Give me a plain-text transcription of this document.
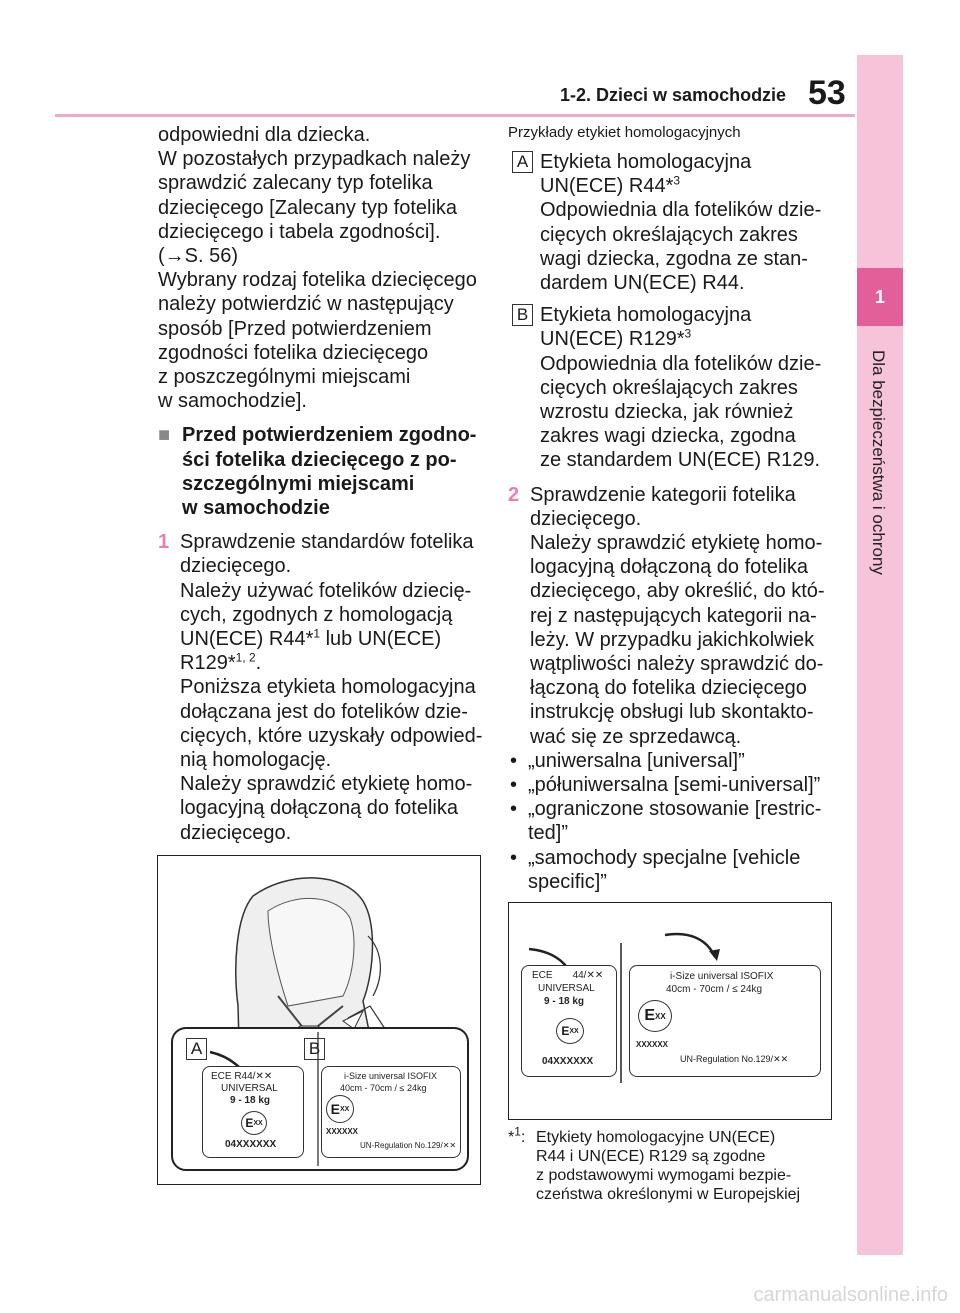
1-2. Dzieci w samochodzie 53
1
Dla bezpieczeństwa i ochrony

odpowiedni dla dziecka.

W pozostałych przypadkach należy

sprawdzić zalecany typ fotelika

dziecięcego [Zalecany typ fotelika

dziecięcego i tabela zgodności].

(→S. 56)

Wybrany rodzaj fotelika dziecięcego

należy potwierdzić w następujący

sposób [Przed potwierdzeniem

zgodności fotelika dziecięcego

z poszczególnymi miejscami

w samochodzie].

■ Przed potwierdzeniem zgodno-

ści fotelika dziecięcego z po-

szczególnymi miejscami

w samochodzie

1 Sprawdzenie standardów fotelika

dziecięcego.

Należy używać fotelików dziecię-

cych, zgodnych z homologacją

UN(ECE) R44*$^1$ lub UN(ECE)

R129*$^{1, 2}$.

Poniższa etykieta homologacyjna

dołączana jest do fotelików dzie-

cięcych, które uzyskały odpowied-

nią homologację.

Należy sprawdzić etykietę homo-

logacyjną dołączoną do fotelika

dziecięcego.

A	B
ECE R44/✕✕
UNIVERSAL
9 - 18 kg
E XX
04XXXXXX
i-Size universal ISOFIX
40cm - 70cm / ≤ 24kg
E XX
XXXXXX
UN-Regulation No.129/✕✕

Przykłady etykiet homologacyjnych

A Etykieta homologacyjna

UN(ECE) R44*$^3$

Odpowiednia dla fotelików dzie-

cięcych określających zakres

wagi dziecka, zgodna ze stan-

dardem UN(ECE) R44.

B Etykieta homologacyjna

UN(ECE) R129*$^3$

Odpowiednia dla fotelików dzie-

cięcych określających zakres

wzrostu dziecka, jak również

zakres wagi dziecka, zgodna

ze standardem UN(ECE) R129.

2 Sprawdzenie kategorii fotelika

dziecięcego.

Należy sprawdzić etykietę homo-

logacyjną dołączoną do fotelika

dziecięcego, aby określić, do któ-

rej z następujących kategorii na-

leży. W przypadku jakichkolwiek

wątpliwości należy sprawdzić do-

łączoną do fotelika dziecięcego

instrukcję obsługi lub skontakto-

wać się ze sprzedawcą.

• „uniwersalna [universal]”

• „półuniwersalna [semi-universal]”

• „ograniczone stosowanie [restric-

ted]”

• „samochody specjalne [vehicle

specific]”

ECE 44/✕✕
UNIVERSAL
9 - 18 kg
E XX
04XXXXXX
i-Size universal ISOFIX
40cm - 70cm / ≤ 24kg
E XX
XXXXXX
UN-Regulation No.129/✕✕
*$^1$: Etykiety homologacyjne UN(ECE)

R44 i UN(ECE) R129 są zgodne

z podstawowymi wymogami bezpie-

czeństwa określonymi w Europejskiej

carmanualsonline.info
